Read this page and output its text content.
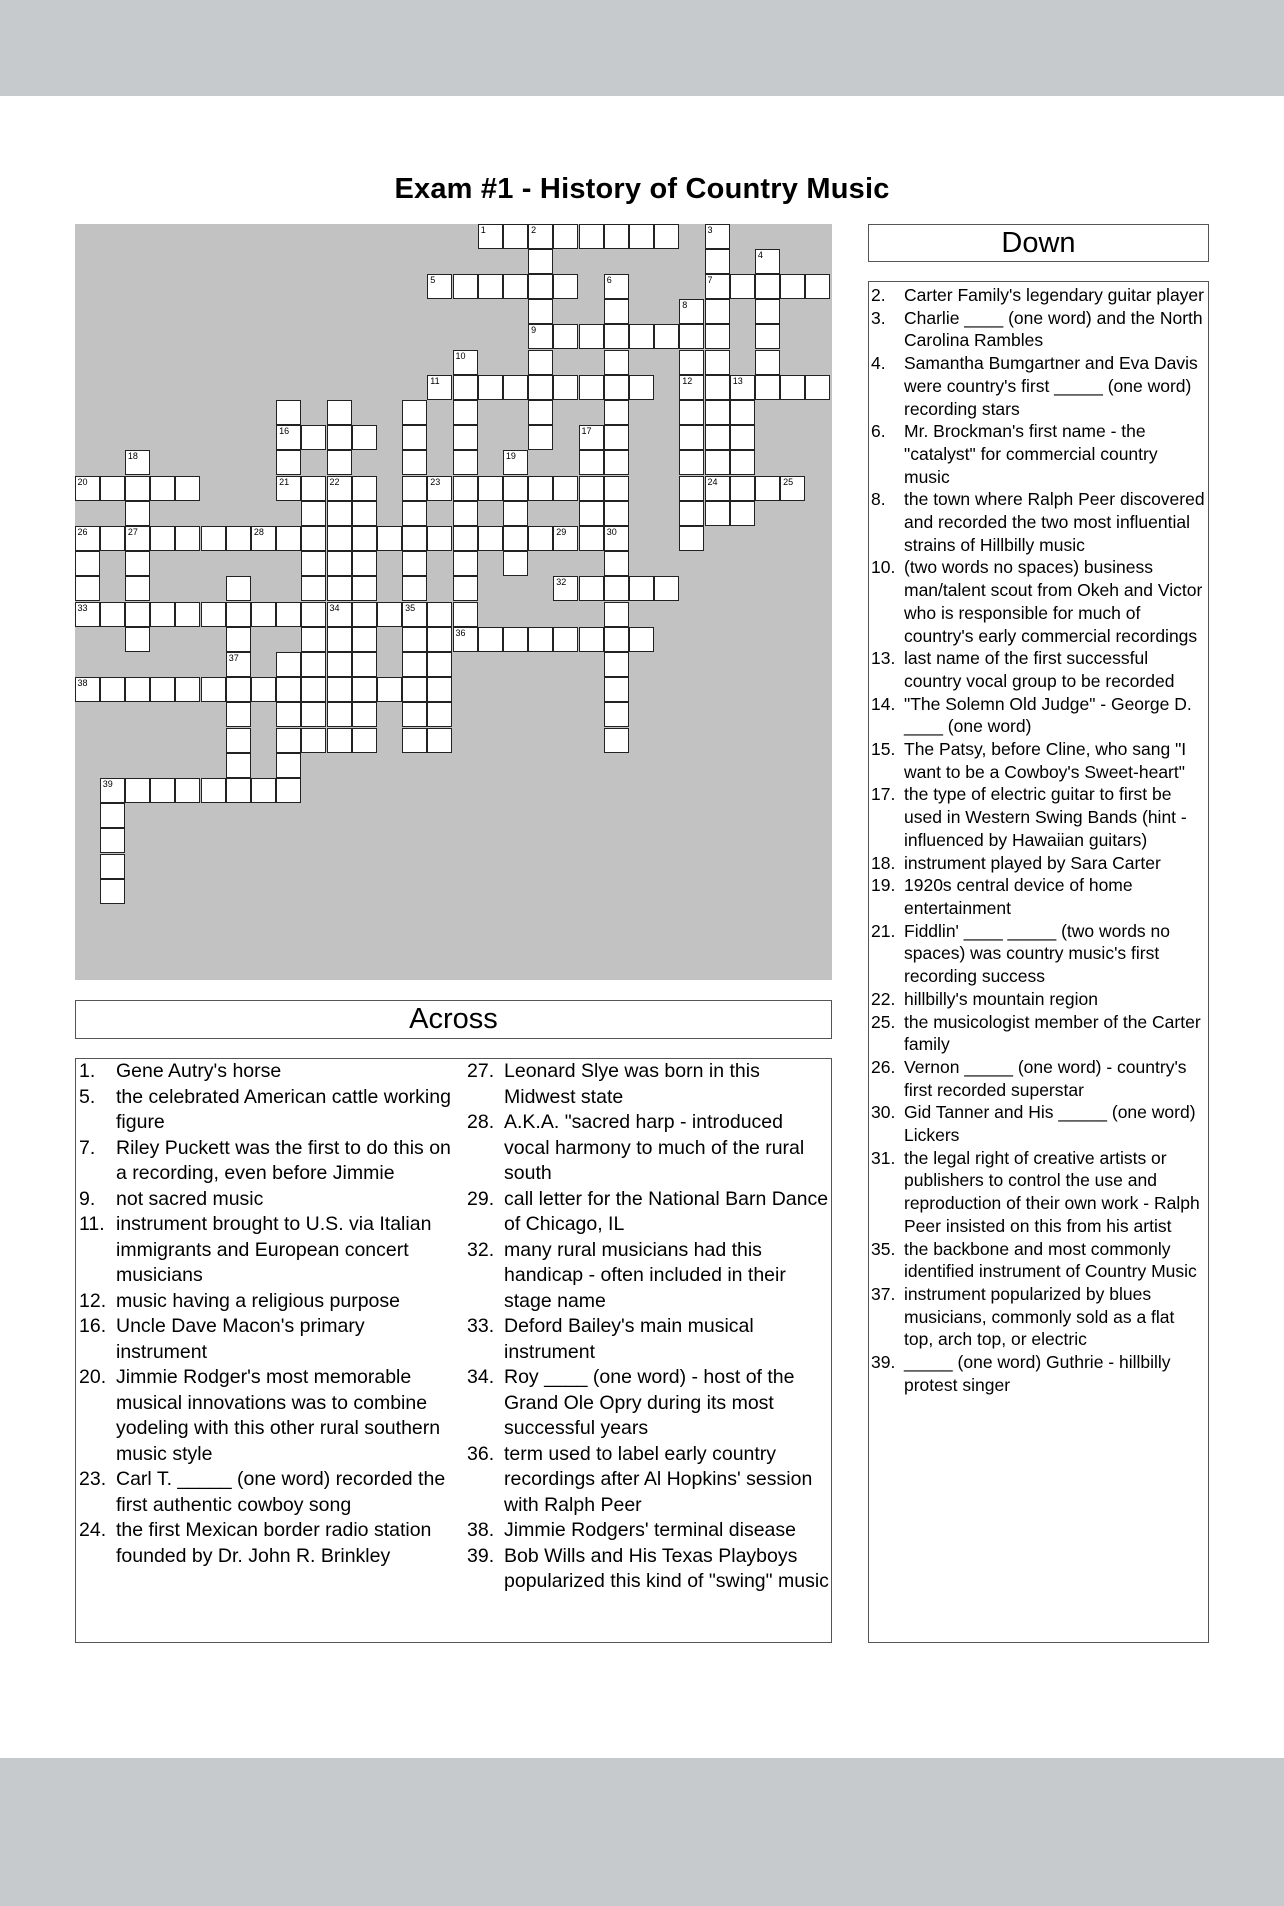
Exam #1 - History of Country Music
1	2
5	7
9
11	12	13
16
20	23	24	25
26	27	28	29	30
32
33	34	35
36
38
39
3
4
6
8
10
21	22
18	19
17
37
Across
1. Gene Autry's horse
5. the celebrated American cattle working figure
7. Riley Puckett was the first to do this on a recording, even before Jimmie
9. not sacred music
11. instrument brought to U.S. via Italian immigrants and European concert musicians
12. music having a religious purpose
16. Uncle Dave Macon's primary instrument
20. Jimmie Rodger's most memorable musical innovations was to combine yodeling with this other rural southern music style
23. Carl T. _____ (one word) recorded the first authentic cowboy song
24. the first Mexican border radio station founded by Dr. John R. Brinkley
27. Leonard Slye was born in this Midwest state
28. A.K.A. "sacred harp - introduced vocal harmony to much of the rural south
29. call letter for the National Barn Dance of Chicago, IL
32. many rural musicians had this handicap - often included in their stage name
33. Deford Bailey's main musical instrument
34. Roy ____ (one word) - host of the Grand Ole Opry during its most successful years
36. term used to label early country recordings after Al Hopkins' session with Ralph Peer
38. Jimmie Rodgers' terminal disease
39. Bob Wills and His Texas Playboys popularized this kind of "swing" music
Down
2. Carter Family's legendary guitar player
3. Charlie ____ (one word) and the North Carolina Rambles
4. Samantha Bumgartner and Eva Davis were country's first _____ (one word) recording stars
6. Mr. Brockman's first name - the "catalyst" for commercial country music
8. the town where Ralph Peer discovered and recorded the two most influential strains of Hillbilly music
10. (two words no spaces) business man/talent scout from Okeh and Victor who is responsible for much of country's early commercial recordings
13. last name of the first successful country vocal group to be recorded
14. "The Solemn Old Judge" - George D. ____ (one word)
15. The Patsy, before Cline, who sang "I want to be a Cowboy's Sweet-heart"
17. the type of electric guitar to first be used in Western Swing Bands (hint - influenced by Hawaiian guitars)
18. instrument played by Sara Carter
19. 1920s central device of home entertainment
21. Fiddlin' ____ _____ (two words no spaces) was country music's first recording success
22. hillbilly's mountain region
25. the musicologist member of the Carter family
26. Vernon _____ (one word) - country's first recorded superstar
30. Gid Tanner and His _____ (one word) Lickers
31. the legal right of creative artists or publishers to control the use and reproduction of their own work - Ralph Peer insisted on this from his artist
35. the backbone and most commonly identified instrument of Country Music
37. instrument popularized by blues musicians, commonly sold as a flat top, arch top, or electric
39. _____ (one word) Guthrie - hillbilly protest singer
